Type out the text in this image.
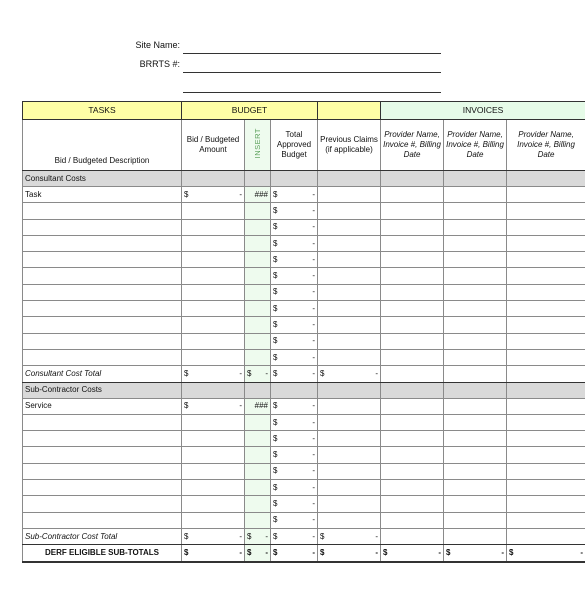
Site Name:
BRRTS #:
TASKS	BUDGET				INVOICES		
Bid / Budgeted Description	Bid / Budgeted Amount	INSERT	Total Approved Budget	Previous Claims (if applicable)	Provider Name, Invoice #, Billing Date	Provider Name, Invoice #, Billing Date	Provider Name, Invoice #, Billing Date
Consultant Costs							
Task	$ -	###	$ -				

			$ -				

			$ -				

			$ -				

			$ -				

			$ -				

			$ -				

			$ -				

			$ -				

			$ -				

			$ -				

Consultant Cost Total	$ -	$ -	$ -	$ -			

Sub-Contractor Costs							
Service	$ -	###	$ -				

			$ -				

			$ -				

			$ -				

			$ -				

			$ -				

			$ -				

			$ -				

Sub-Contractor Cost Total	$ -	$ -	$ -	$ -			

DERF ELIGIBLE SUB-TOTALS	$ -	$ -	$ -	$ -	$ -	$ -	$ -
